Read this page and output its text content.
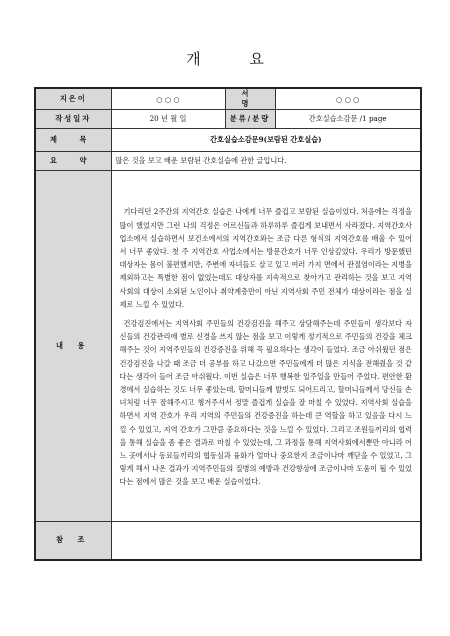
개 요
지은이	○ ○ ○	서 명	○ ○ ○
작성일자	20 년 월 일	분류/분량	간호실습소감문 /1 page
제 목	간호실습소감문9(보람된 간호실습)		
요 약	많은 것을 보고 배운 보람된 간호실습에 관한 글입니다.		
내 용	기다리던 2주간의 지역간호 실습은 나에게 너무 즐겁고 보람된 실습이었다. 처음에는 걱정을 많이 했었지만 그런 나의 걱정은 어르신들과 하루하루 즐겁게 보내면서 사라졌다. 지역간호사업소에서 실습하면서 보건소에서의 지역간호와는 조금 다른 형식의 지역간호를 배울 수 있어서 너무 좋았다. 첫 주 지역간호 사업소에서는 방문간호가 너무 인상깊었다. 우리가 방문했던 대상자는 몸이 불편했지만, 주변에 자녀들도 살고 있고 여러 가지 면에서 관절염이라는 지병을 제외하고는 특별한 점이 없었는데도 대상자를 지속적으로 찾아가고 관리하는 것을 보고 지역사회의 대상이 소외된 노인이나 취약계층만이 아닌 지역사회 주민 전체가 대상이라는 점을 실제로 느낄 수 있었다.

건강검진에서는 지역사회 주민들의 건강검진을 해주고 상담해주는데 주민들이 생각보다 자신들의 건강관리에 별로 신경을 쓰지 않는 점을 보고 이렇게 정기적으로 주민들의 건강을 체크해주는 것이 지역주민들의 건강증진을 위해 꼭 필요하다는 생각이 들었다. 조금 아쉬웠던 점은 건강검진을 나갈 때 조금 더 공부를 하고 나갔으면 주민들에게 더 많은 지식을 전해줬을 것 같다는 생각이 들어 조금 아쉬웠다. 이번 실습은 너무 행복한 일주일을 만들어 주었다. 편안한 환경에서 실습하는 것도 너무 좋았는데, 할머니들께 발벗도 되어드리고, 할머니들께서 당신들 손녀처럼 너무 잘해주시고 챙겨주셔서 정말 즐겁게 실습을 잘 마칠 수 있었다. 지역사회 실습을 하면서 지역 간호가 우리 지역의 주민들의 건강증진을 하는데 큰 역할을 하고 있음을 다시 느낄 수 있었고, 지역 간호가 그만큼 중요하다는 것을 느낄 수 있었다. 그리고 조원들끼리의 협력을 통해 실습을 좀 좋은 결과로 마칠 수 있었는데, 그 과정을 통해 지역사회에서뿐만 아니라 어느 곳에서나 동료들끼리의 협동심과 융화가 얼마나 중요한지 조금이나마 깨닫을 수 있었고, 그렇게 해서 나온 결과가 지역주민들의 질병의 예방과 건강향상에 조금이나마 도움이 될 수 있었다는 점에서 많은 것을 보고 배운 실습이었다.		

참 조			
